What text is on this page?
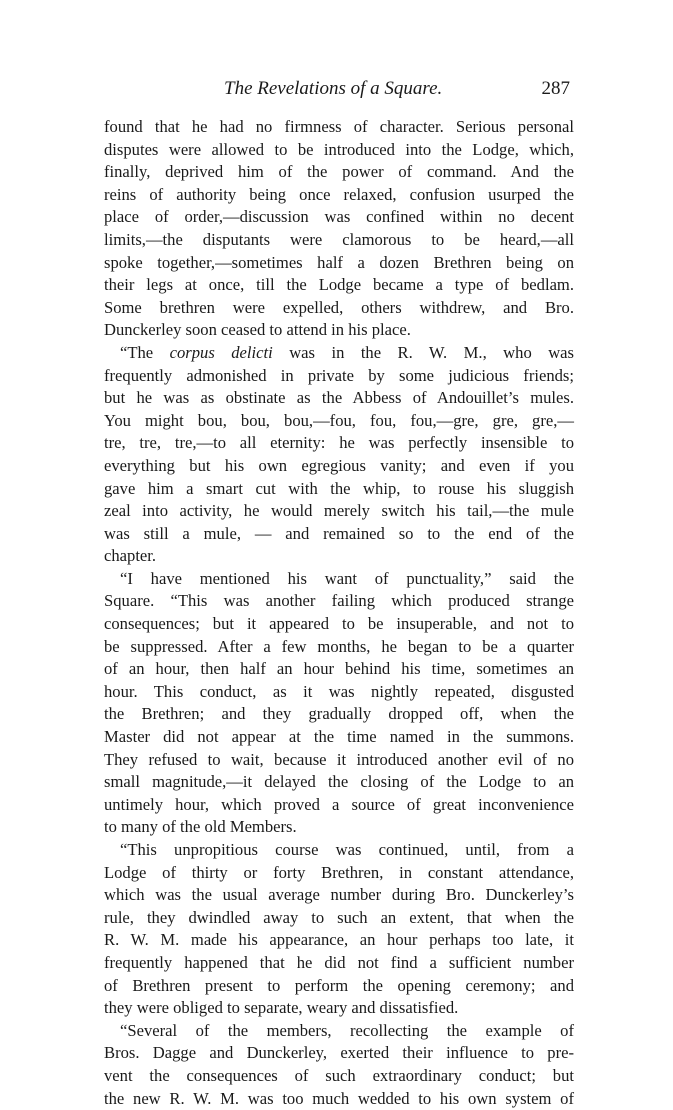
The Revelations of a Square.	287
found that he had no firmness of character. Serious personal
disputes were allowed to be introduced into the Lodge, which,
finally, deprived him of the power of command. And the
reins of authority being once relaxed, confusion usurped the
place of order,—discussion was confined within no decent
limits,—the disputants were clamorous to be heard,—all
spoke together,—sometimes half a dozen Brethren being on
their legs at once, till the Lodge became a type of bedlam.
Some brethren were expelled, others withdrew, and Bro.
Dunckerley soon ceased to attend in his place.
“The corpus delicti was in the R. W. M., who was
frequently admonished in private by some judicious friends;
but he was as obstinate as the Abbess of Andouillet’s mules.
You might bou, bou, bou,—fou, fou, fou,—gre, gre, gre,—
tre, tre, tre,—to all eternity: he was perfectly insensible to
everything but his own egregious vanity; and even if you
gave him a smart cut with the whip, to rouse his sluggish
zeal into activity, he would merely switch his tail,—the mule
was still a mule, — and remained so to the end of the
chapter.
“I have mentioned his want of punctuality,” said the
Square. “This was another failing which produced strange
consequences; but it appeared to be insuperable, and not to
be suppressed. After a few months, he began to be a quarter
of an hour, then half an hour behind his time, sometimes an
hour. This conduct, as it was nightly repeated, disgusted
the Brethren; and they gradually dropped off, when the
Master did not appear at the time named in the summons.
They refused to wait, because it introduced another evil of no
small magnitude,—it delayed the closing of the Lodge to an
untimely hour, which proved a source of great inconvenience
to many of the old Members.
“This unpropitious course was continued, until, from a
Lodge of thirty or forty Brethren, in constant attendance,
which was the usual average number during Bro. Dunckerley’s
rule, they dwindled away to such an extent, that when the
R. W. M. made his appearance, an hour perhaps too late, it
frequently happened that he did not find a sufficient number
of Brethren present to perform the opening ceremony; and
they were obliged to separate, weary and dissatisfied.
“Several of the members, recollecting the example of
Bros. Dagge and Dunckerley, exerted their influence to pre-
vent the consequences of such extraordinary conduct; but
the new R. W. M. was too much wedded to his own system of
